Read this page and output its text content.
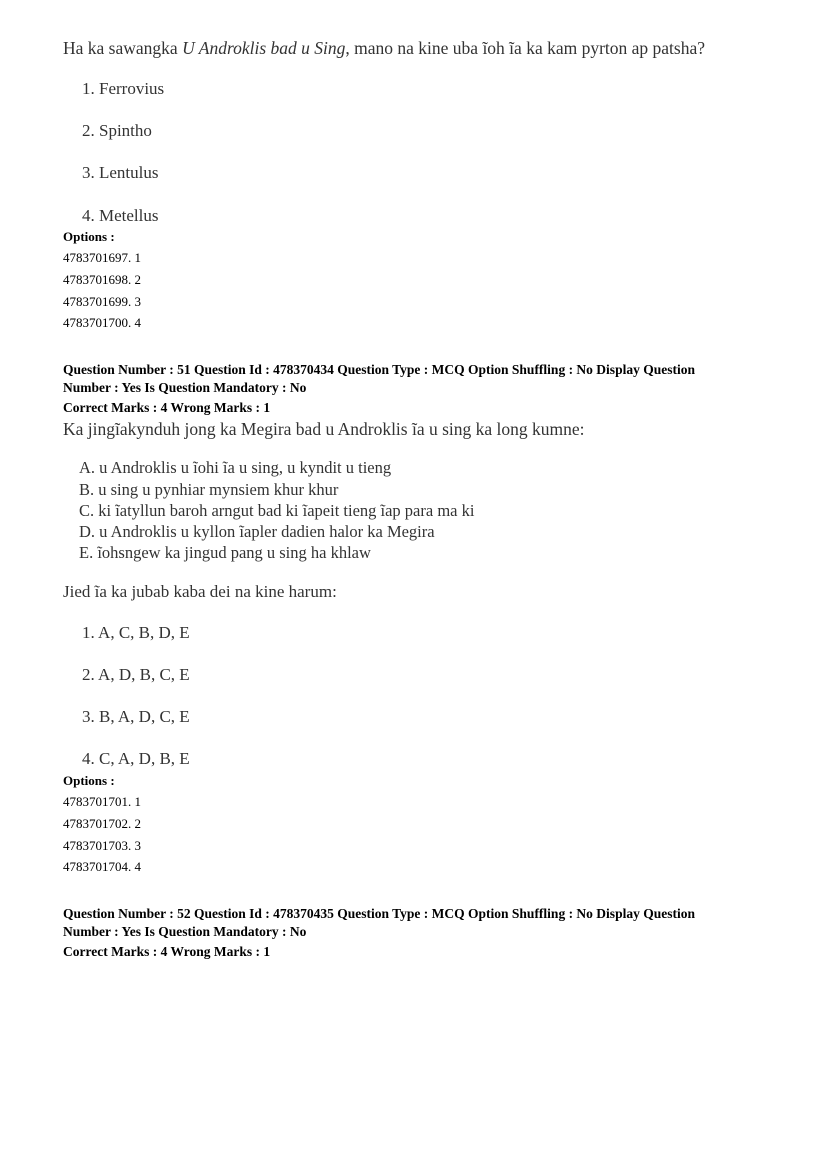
Ha ka sawangka U Androklis bad u Sing, mano na kine uba ĩoh ĩa ka kam pyrton ap patsha?
1. Ferrovius
2. Spintho
3. Lentulus
4. Metellus
Options :
4783701697. 1
4783701698. 2
4783701699. 3
4783701700. 4
Question Number : 51 Question Id : 478370434 Question Type : MCQ Option Shuffling : No Display Question
Number : Yes Is Question Mandatory : No
Correct Marks : 4 Wrong Marks : 1
Ka jingĩakynduh jong ka Megira bad u Androklis ĩa u sing ka long kumne:
A. u Androklis u ĩohi ĩa u sing, u kyndit u tieng
B. u sing u pynhiar mynsiem khur khur
C. ki ĩatyllun baroh arngut bad ki ĩapeit tieng ĩap para ma ki
D. u Androklis u kyllon ĩapler dadien halor ka Megira
E. ĩohsngew ka jingud pang u sing ha khlaw
Jied ĩa ka jubab kaba dei na kine harum:
1. A, C, B, D, E
2. A, D, B, C, E
3. B, A, D, C, E
4. C, A, D, B, E
Options :
4783701701. 1
4783701702. 2
4783701703. 3
4783701704. 4
Question Number : 52 Question Id : 478370435 Question Type : MCQ Option Shuffling : No Display Question
Number : Yes Is Question Mandatory : No
Correct Marks : 4 Wrong Marks : 1
